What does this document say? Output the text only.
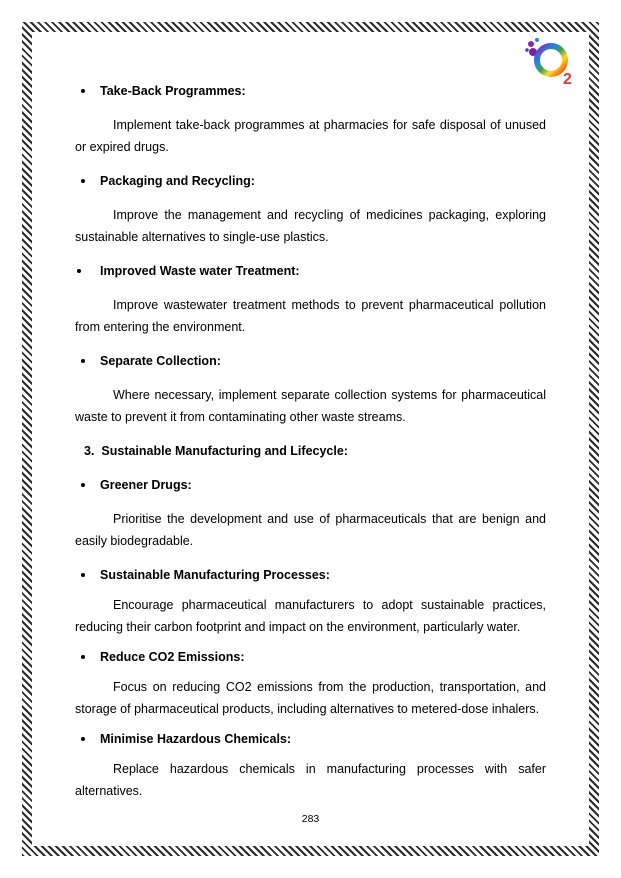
2

Take-Back Programmes:

Implement take-back programmes at pharmacies for safe disposal of unused or expired drugs.

Packaging and Recycling:

Improve the management and recycling of medicines packaging, exploring sustainable alternatives to single-use plastics.

Improved Waste water Treatment:

Improve wastewater treatment methods to prevent pharmaceutical pollution from entering the environment.

Separate Collection:

Where necessary, implement separate collection systems for pharmaceutical waste to prevent it from contaminating other waste streams.

3. Sustainable Manufacturing and Lifecycle:

Greener Drugs:

Prioritise the development and use of pharmaceuticals that are benign and easily biodegradable.

Sustainable Manufacturing Processes:

Encourage pharmaceutical manufacturers to adopt sustainable practices, reducing their carbon footprint and impact on the environment, particularly water.

Reduce CO2 Emissions:

Focus on reducing CO2 emissions from the production, transportation, and storage of pharmaceutical products, including alternatives to metered-dose inhalers.

Minimise Hazardous Chemicals:

Replace hazardous chemicals in manufacturing processes with safer alternatives.

283
